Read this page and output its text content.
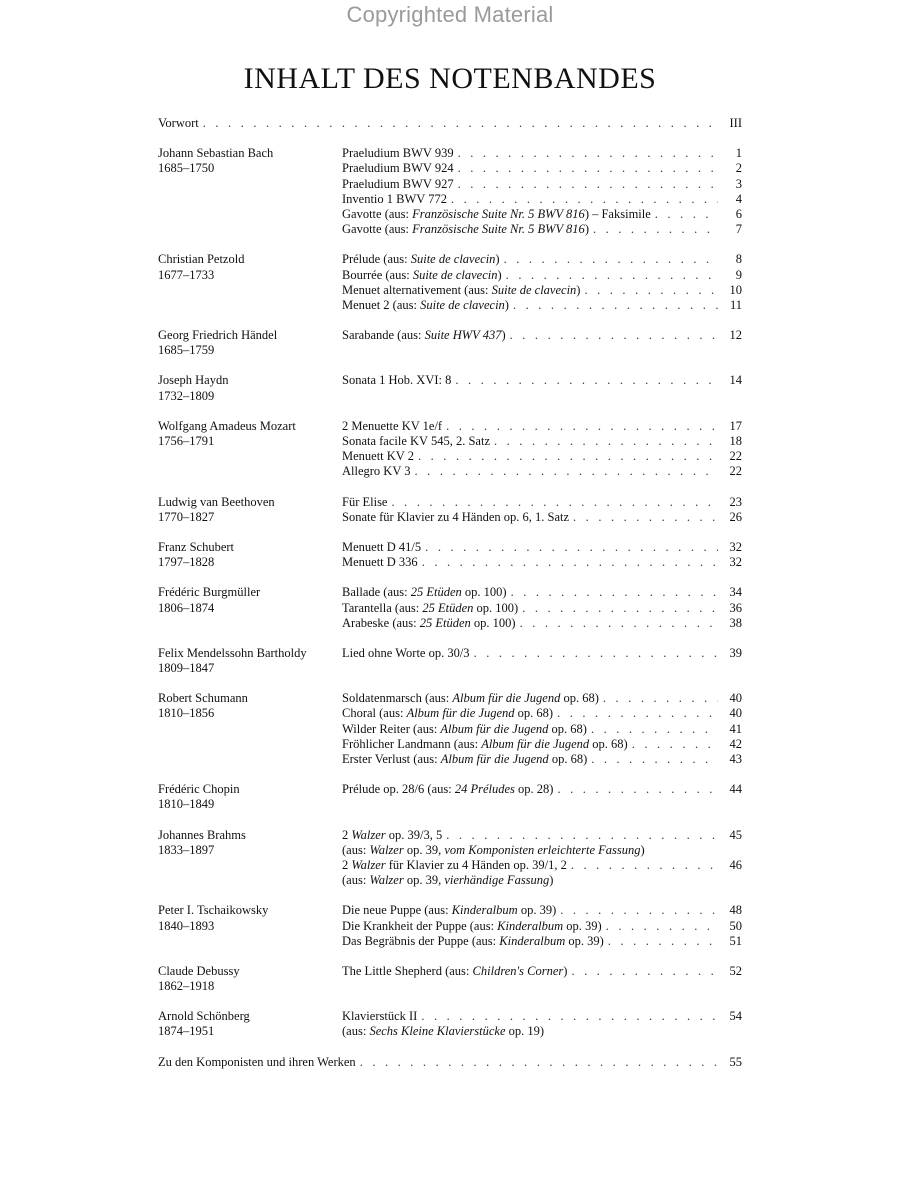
Copyrighted Material
INHALT DES NOTENBANDES
Vorwort . . .	III
Johann Sebastian Bach
1685–1750
Praeludium BWV 939 . . .	1
Praeludium BWV 924 . . .	2
Praeludium BWV 927 . . .	3
Inventio 1 BWV 772 . . .	4
Gavotte (aus: Französische Suite Nr. 5 BWV 816) – Faksimile . . .	6
Gavotte (aus: Französische Suite Nr. 5 BWV 816) . . .	7
Christian Petzold
1677–1733
Prélude (aus: Suite de clavecin) . . .	8
Bourrée (aus: Suite de clavecin) . . .	9
Menuet alternativement (aus: Suite de clavecin) . . .	10
Menuet 2 (aus: Suite de clavecin) . . .	11
Georg Friedrich Händel
1685–1759
Sarabande (aus: Suite HWV 437) . . .	12
Joseph Haydn
1732–1809
Sonata 1 Hob. XVI: 8 . . .	14
Wolfgang Amadeus Mozart
1756–1791
2 Menuette KV 1e/f . . .	17
Sonata facile KV 545, 2. Satz . . .	18
Menuett KV 2 . . .	22
Allegro KV 3 . . .	22
Ludwig van Beethoven
1770–1827
Für Elise . . .	23
Sonate für Klavier zu 4 Händen op. 6, 1. Satz . . .	26
Franz Schubert
1797–1828
Menuett D 41/5 . . .	32
Menuett D 336 . . .	32
Frédéric Burgmüller
1806–1874
Ballade (aus: 25 Etüden op. 100) . . .	34
Tarantella (aus: 25 Etüden op. 100) . . .	36
Arabeske (aus: 25 Etüden op. 100) . . .	38
Felix Mendelssohn Bartholdy
1809–1847
Lied ohne Worte op. 30/3 . . .	39
Robert Schumann
1810–1856
Soldatenmarsch (aus: Album für die Jugend op. 68) . . .	40
Choral (aus: Album für die Jugend op. 68) . . .	40
Wilder Reiter (aus: Album für die Jugend op. 68) . . .	41
Fröhlicher Landmann (aus: Album für die Jugend op. 68) . . .	42
Erster Verlust (aus: Album für die Jugend op. 68) . . .	43
Frédéric Chopin
1810–1849
Prélude op. 28/6 (aus: 24 Préludes op. 28) . . .	44
Johannes Brahms
1833–1897
2 Walzer op. 39/3, 5 . . .	45
(aus: Walzer op. 39, vom Komponisten erleichterte Fassung)
2 Walzer für Klavier zu 4 Händen op. 39/1, 2 . . .	46
(aus: Walzer op. 39, vierhändige Fassung)
Peter I. Tschaikowsky
1840–1893
Die neue Puppe (aus: Kinderalbum op. 39) . . .	48
Die Krankheit der Puppe (aus: Kinderalbum op. 39) . . .	50
Das Begräbnis der Puppe (aus: Kinderalbum op. 39) . . .	51
Claude Debussy
1862–1918
The Little Shepherd (aus: Children's Corner) . . .	52
Arnold Schönberg
1874–1951
Klavierstück II . . .	54
(aus: Sechs Kleine Klavierstücke op. 19)
Zu den Komponisten und ihren Werken . . .	55
